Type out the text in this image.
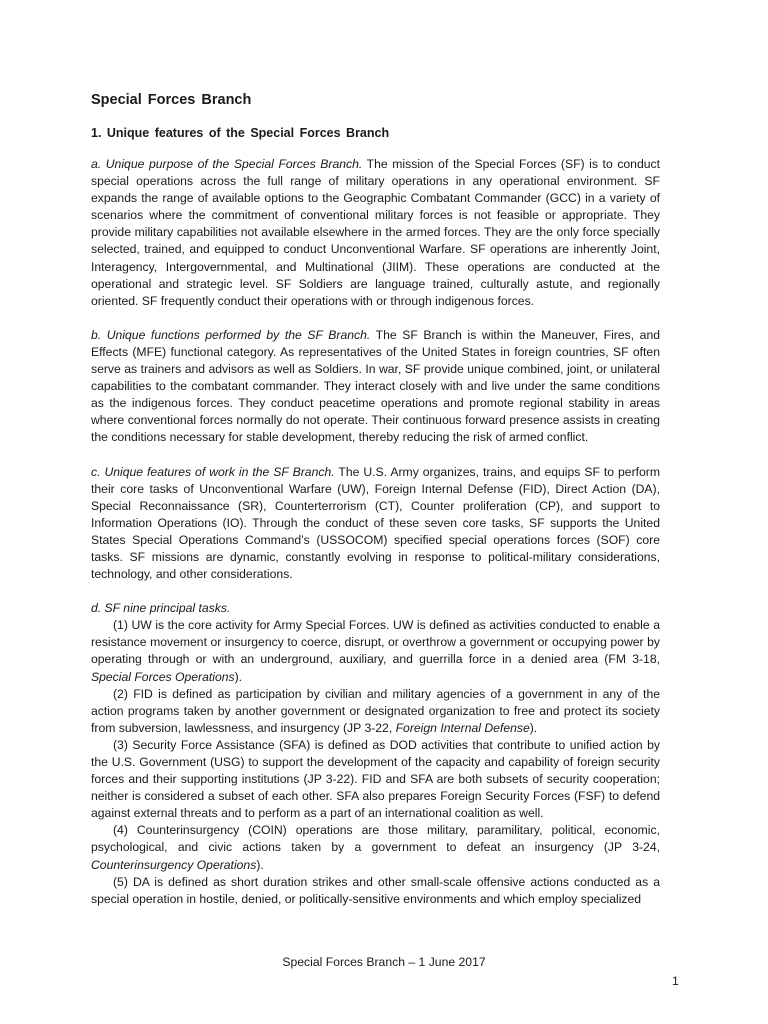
Special Forces Branch
1. Unique features of the Special Forces Branch

a. Unique purpose of the Special Forces Branch. The mission of the Special Forces (SF) is to conduct special operations across the full range of military operations in any operational environment. SF expands the range of available options to the Geographic Combatant Commander (GCC) in a variety of scenarios where the commitment of conventional military forces is not feasible or appropriate. They provide military capabilities not available elsewhere in the armed forces. They are the only force specially selected, trained, and equipped to conduct Unconventional Warfare. SF operations are inherently Joint, Interagency, Intergovernmental, and Multinational (JIIM). These operations are conducted at the operational and strategic level. SF Soldiers are language trained, culturally astute, and regionally oriented. SF frequently conduct their operations with or through indigenous forces.

b. Unique functions performed by the SF Branch. The SF Branch is within the Maneuver, Fires, and Effects (MFE) functional category. As representatives of the United States in foreign countries, SF often serve as trainers and advisors as well as Soldiers. In war, SF provide unique combined, joint, or unilateral capabilities to the combatant commander. They interact closely with and live under the same conditions as the indigenous forces. They conduct peacetime operations and promote regional stability in areas where conventional forces normally do not operate. Their continuous forward presence assists in creating the conditions necessary for stable development, thereby reducing the risk of armed conflict.

c. Unique features of work in the SF Branch. The U.S. Army organizes, trains, and equips SF to perform their core tasks of Unconventional Warfare (UW), Foreign Internal Defense (FID), Direct Action (DA), Special Reconnaissance (SR), Counterterrorism (CT), Counter proliferation (CP), and support to Information Operations (IO). Through the conduct of these seven core tasks, SF supports the United States Special Operations Command’s (USSOCOM) specified special operations forces (SOF) core tasks. SF missions are dynamic, constantly evolving in response to political-military considerations, technology, and other considerations.

d. SF nine principal tasks.

(1) UW is the core activity for Army Special Forces. UW is defined as activities conducted to enable a resistance movement or insurgency to coerce, disrupt, or overthrow a government or occupying power by operating through or with an underground, auxiliary, and guerrilla force in a denied area (FM 3-18, Special Forces Operations).

(2) FID is defined as participation by civilian and military agencies of a government in any of the action programs taken by another government or designated organization to free and protect its society from subversion, lawlessness, and insurgency (JP 3-22, Foreign Internal Defense).

(3) Security Force Assistance (SFA) is defined as DOD activities that contribute to unified action by the U.S. Government (USG) to support the development of the capacity and capability of foreign security forces and their supporting institutions (JP 3-22). FID and SFA are both subsets of security cooperation; neither is considered a subset of each other. SFA also prepares Foreign Security Forces (FSF) to defend against external threats and to perform as a part of an international coalition as well.

(4) Counterinsurgency (COIN) operations are those military, paramilitary, political, economic, psychological, and civic actions taken by a government to defeat an insurgency (JP 3-24, Counterinsurgency Operations).

(5) DA is defined as short duration strikes and other small-scale offensive actions conducted as a special operation in hostile, denied, or politically-sensitive environments and which employ specialized

Special Forces Branch – 1 June 2017
1
